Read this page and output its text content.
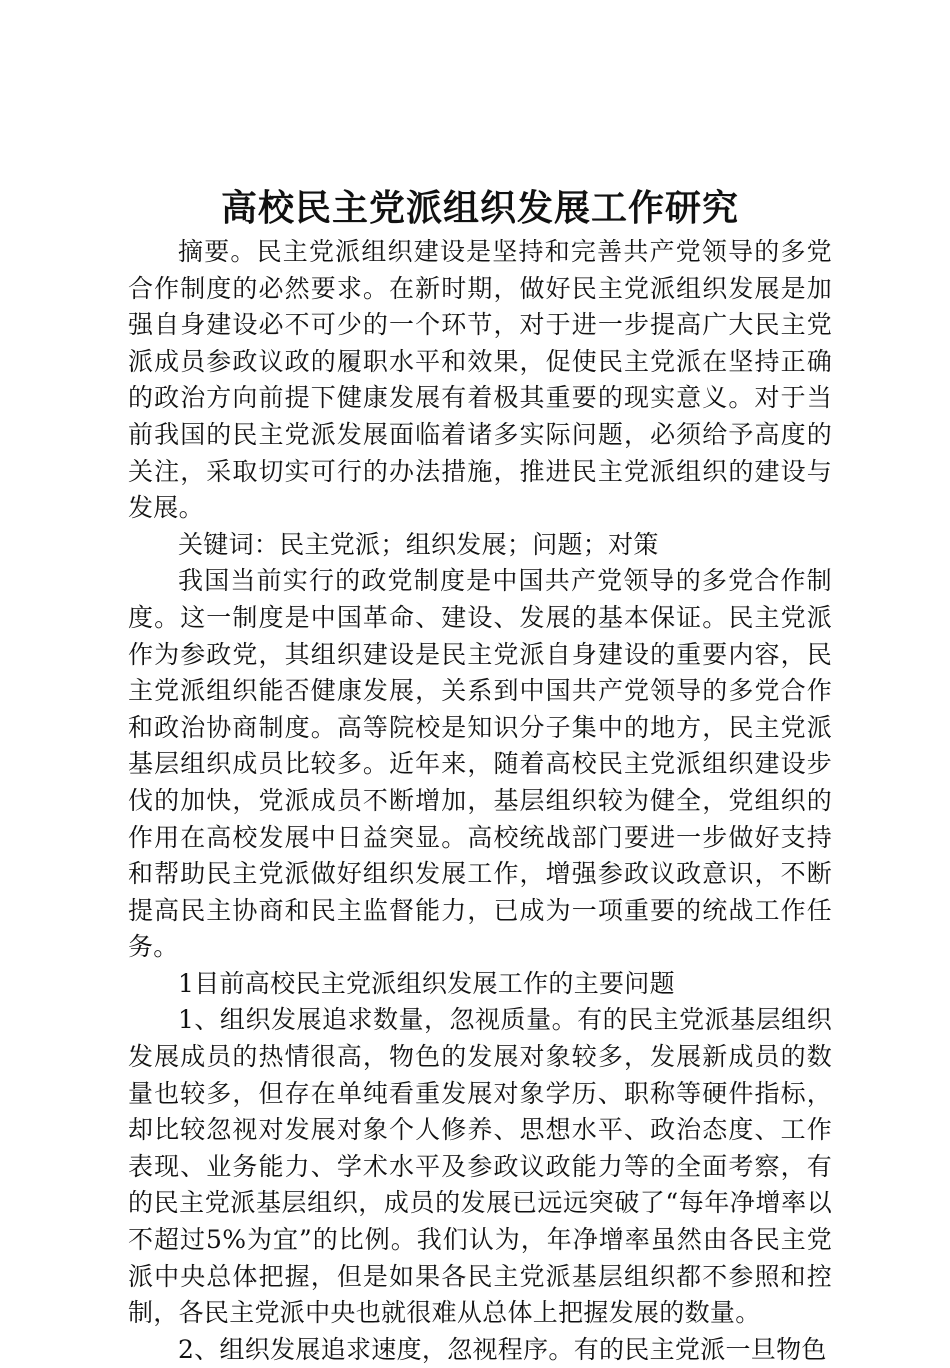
高校民主党派组织发展工作研究

摘要。民主党派组织建设是坚持和完善共产党领导的多党合作制度的必然要求。在新时期，做好民主党派组织发展是加强自身建设必不可少的一个环节，对于进一步提高广大民主党派成员参政议政的履职水平和效果，促使民主党派在坚持正确的政治方向前提下健康发展有着极其重要的现实意义。对于当前我国的民主党派发展面临着诸多实际问题，必须给予高度的关注，采取切实可行的办法措施，推进民主党派组织的建设与发展。

关键词：民主党派；组织发展；问题；对策

我国当前实行的政党制度是中国共产党领导的多党合作制度。这一制度是中国革命、建设、发展的基本保证。民主党派作为参政党，其组织建设是民主党派自身建设的重要内容，民主党派组织能否健康发展，关系到中国共产党领导的多党合作和政治协商制度。高等院校是知识分子集中的地方，民主党派基层组织成员比较多。近年来，随着高校民主党派组织建设步伐的加快，党派成员不断增加，基层组织较为健全，党组织的作用在高校发展中日益突显。高校统战部门要进一步做好支持和帮助民主党派做好组织发展工作，增强参政议政意识，不断提高民主协商和民主监督能力，已成为一项重要的统战工作任务。

1目前高校民主党派组织发展工作的主要问题

1、组织发展追求数量，忽视质量。有的民主党派基层组织发展成员的热情很高，物色的发展对象较多，发展新成员的数量也较多，但存在单纯看重发展对象学历、职称等硬件指标，却比较忽视对发展对象个人修养、思想水平、政治态度、工作表现、业务能力、学术水平及参政议政能力等的全面考察，有的民主党派基层组织，成员的发展已远远突破了“每年净增率以不超过5%为宜”的比例。我们认为，年净增率虽然由各民主党派中央总体把握，但是如果各民主党派基层组织都不参照和控制，各民主党派中央也就很难从总体上把握发展的数量。

2、组织发展追求速度，忽视程序。有的民主党派一旦物色
